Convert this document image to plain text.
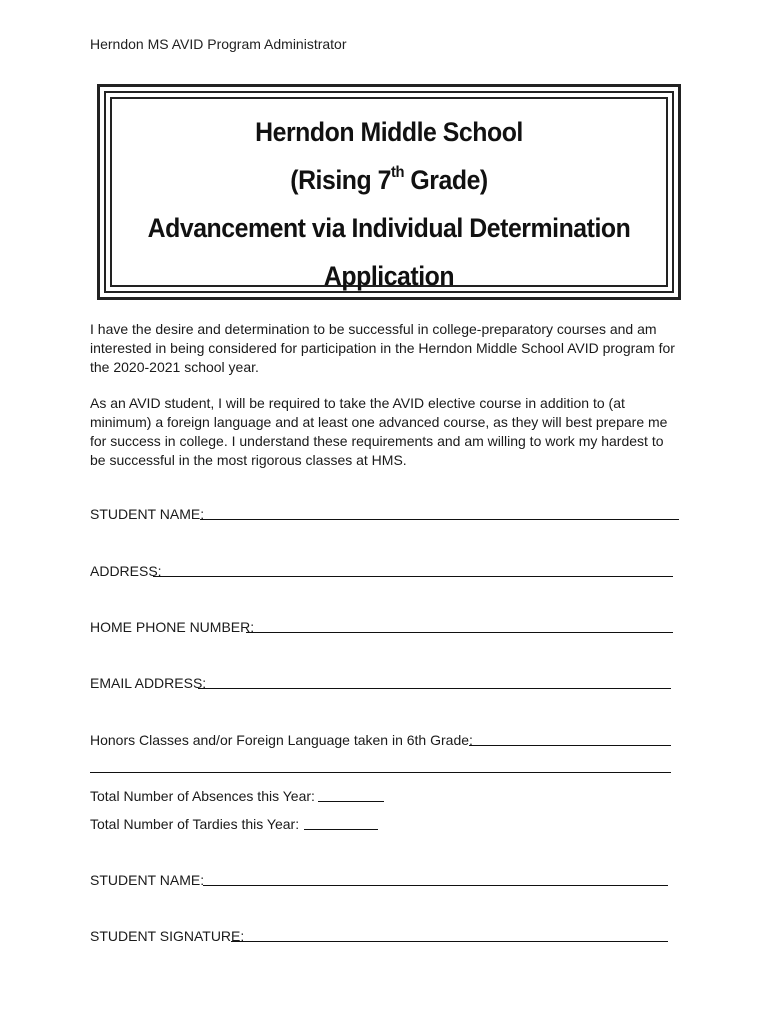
Herndon MS AVID Program Administrator
Herndon Middle School
(Rising 7th Grade)
Advancement via Individual Determination
Application
I have the desire and determination to be successful in college-preparatory courses and am interested in being considered for participation in the Herndon Middle School AVID program for the 2020-2021 school year.
As an AVID student, I will be required to take the AVID elective course in addition to (at minimum) a foreign language and at least one advanced course, as they will best prepare me for success in college. I understand these requirements and am willing to work my hardest to be successful in the most rigorous classes at HMS.
STUDENT NAME:
ADDRESS:
HOME PHONE NUMBER:
EMAIL ADDRESS:
Honors Classes and/or Foreign Language taken in 6th Grade:
Total Number of Absences this Year:
Total Number of Tardies this Year:
STUDENT NAME:
STUDENT SIGNATURE:
